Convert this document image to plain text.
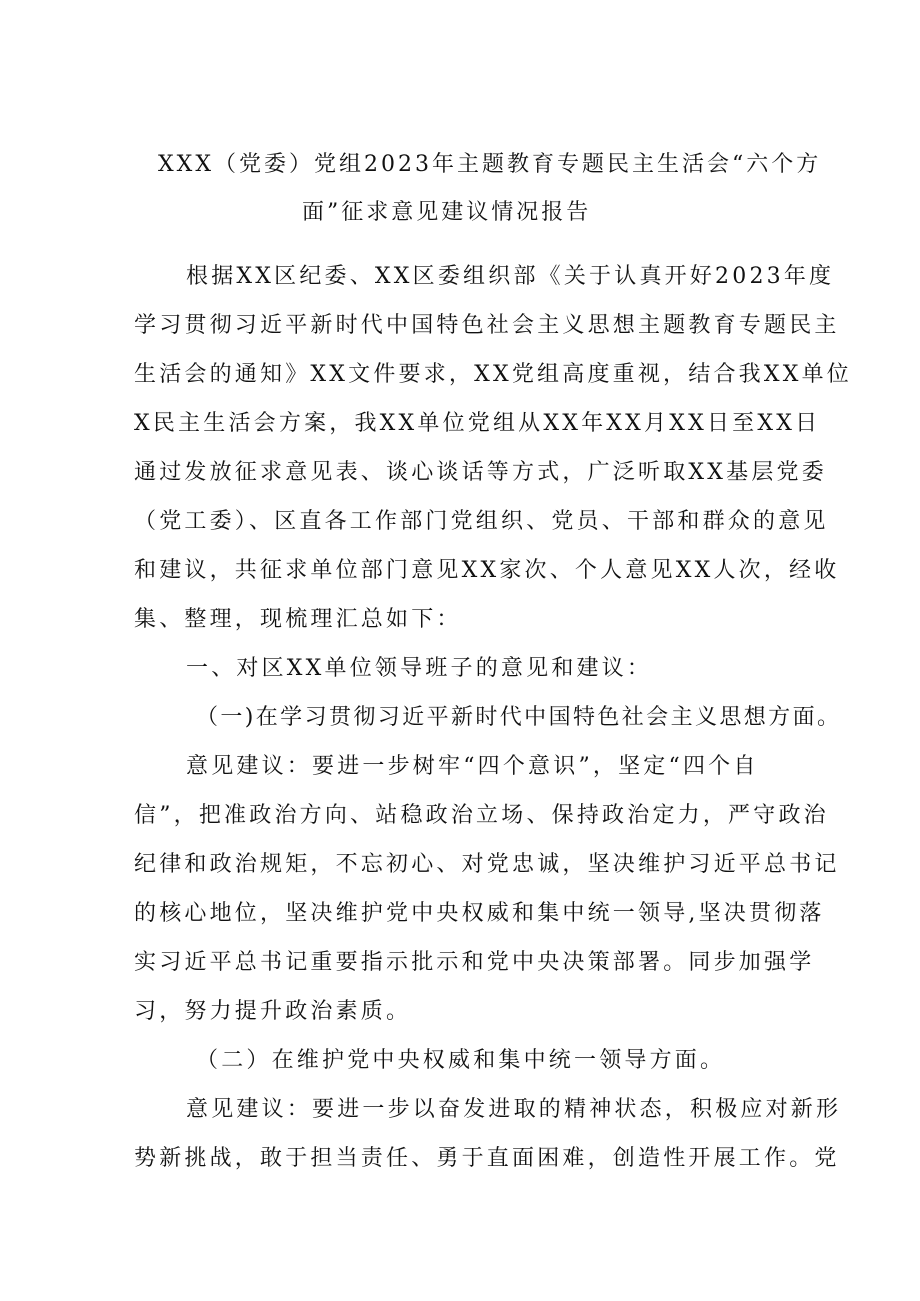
XXX（党委）党组2023年主题教育专题民主生活会“六个方
面”征求意见建议情况报告
根据XX区纪委、XX区委组织部《关于认真开好2023年度
学习贯彻习近平新时代中国特色社会主义思想主题教育专题民主
生活会的通知》XX文件要求，XX党组高度重视，结合我XX单位
X民主生活会方案，我XX单位党组从XX年XX月XX日至XX日
通过发放征求意见表、谈心谈话等方式，广泛听取XX基层党委
（党工委）、区直各工作部门党组织、党员、干部和群众的意见
和建议，共征求单位部门意见XX家次、个人意见XX人次，经收
集、整理，现梳理汇总如下：
一、对区XX单位领导班子的意见和建议：
（一)在学习贯彻习近平新时代中国特色社会主义思想方面。
意见建议：要进一步树牢“四个意识”，坚定“四个自
信”，把准政治方向、站稳政治立场、保持政治定力，严守政治
纪律和政治规矩，不忘初心、对党忠诚，坚决维护习近平总书记
的核心地位，坚决维护党中央权威和集中统一领导,坚决贯彻落
实习近平总书记重要指示批示和党中央决策部署。同步加强学
习，努力提升政治素质。
（二）在维护党中央权威和集中统一领导方面。
意见建议：要进一步以奋发进取的精神状态，积极应对新形
势新挑战，敢于担当责任、勇于直面困难，创造性开展工作。党
